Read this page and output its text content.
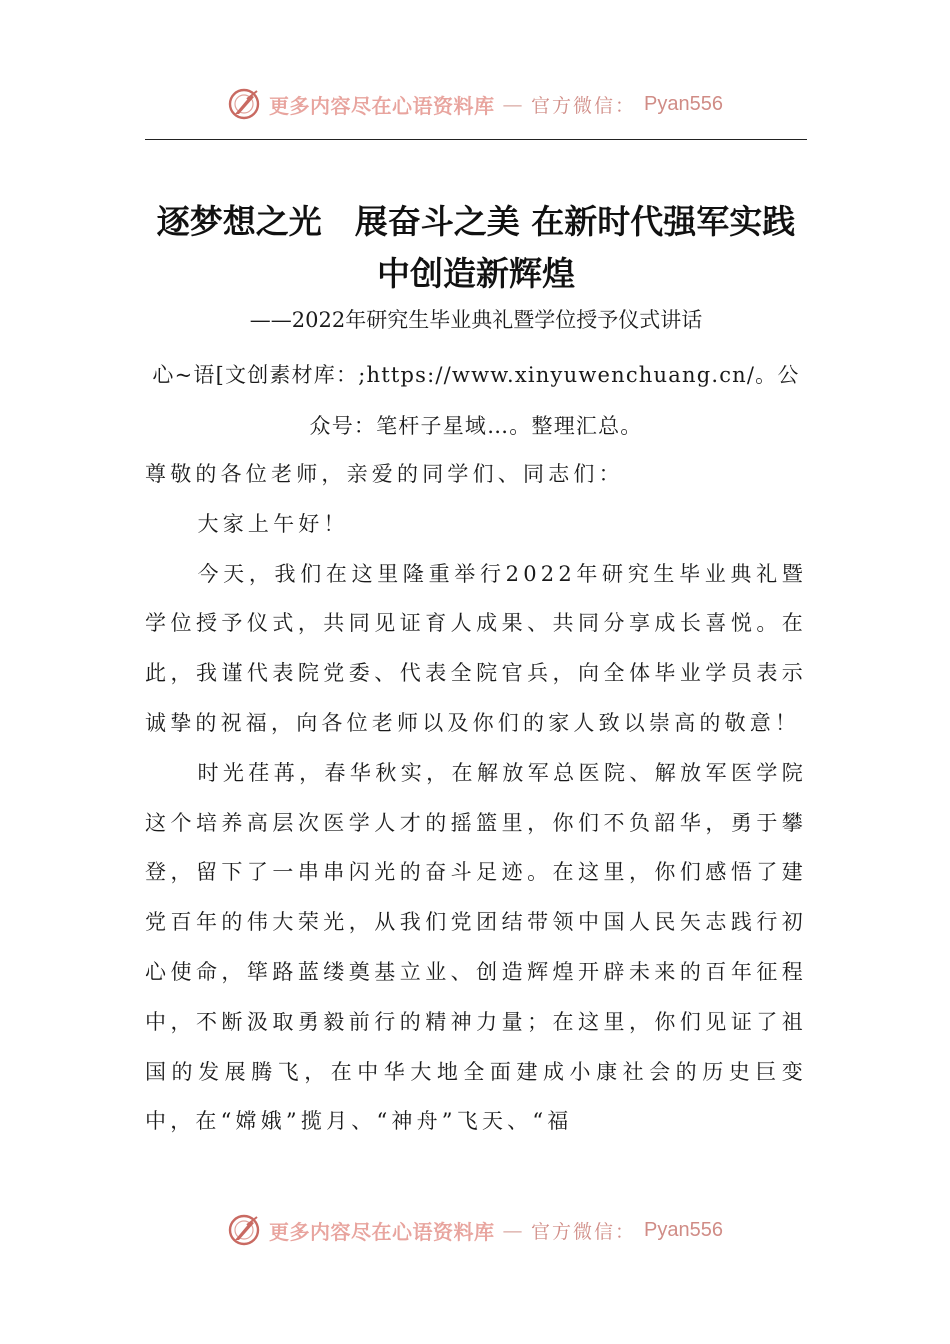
更多内容尽在心语资料库 — 官方微信： Pyan556
逐梦想之光　展奋斗之美 在新时代强军实践中创造新辉煌

——2022年研究生毕业典礼暨学位授予仪式讲话

心~语[文创素材库：;https://www.xinyuwenchuang.cn/。公众号：笔杆子星域…。整理汇总。

尊敬的各位老师，亲爱的同学们、同志们：

大家上午好！

今天，我们在这里隆重举行2022年研究生毕业典礼暨学位授予仪式，共同见证育人成果、共同分享成长喜悦。在此，我谨代表院党委、代表全院官兵，向全体毕业学员表示诚挚的祝福，向各位老师以及你们的家人致以崇高的敬意！

时光荏苒，春华秋实，在解放军总医院、解放军医学院这个培养高层次医学人才的摇篮里，你们不负韶华，勇于攀登，留下了一串串闪光的奋斗足迹。在这里，你们感悟了建党百年的伟大荣光，从我们党团结带领中国人民矢志践行初心使命，筚路蓝缕奠基立业、创造辉煌开辟未来的百年征程中，不断汲取勇毅前行的精神力量；在这里，你们见证了祖国的发展腾飞，在中华大地全面建成小康社会的历史巨变中，在“嫦娥”揽月、“神舟”飞天、“福

更多内容尽在心语资料库 — 官方微信： Pyan556
